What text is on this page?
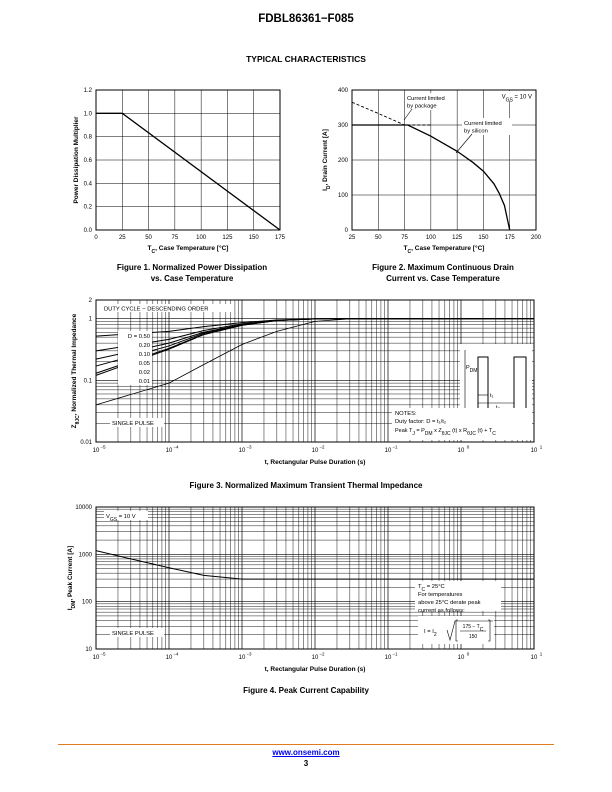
FDBL86361−F085
TYPICAL CHARACTERISTICS
0	25	50	75	100	125	150	175
0.0
0.2
0.4
0.6
0.8
1.0
1.2
$T_C$, Case Temperature [°C]
Power Dissipation Multiplier
25	50	75	100	125	150	175	200
0
100
200
300
400
$V_{GS} = 10$ V
Current limited
by package
Current limited
by silicon
$T_C$, Case Temperature [°C]
$I_D$, Drain Current [A]
10
−5
10
−4
10
−3
10
−2
10
−1
10
0
10
1
0.01
0.1
1
2
DUTY CYCLE − DESCENDING ORDER
D = 0.50
0.20
0.10
0.05
0.02
0.01
SINGLE PULSE
$P_{DM}$
t₁
NOTES:
Duty factor: D = t₁/t₂
Peak $T_J = P_{DM}$ x $Z_{\theta JC}$ (t) x $R_{\theta JC}$ $(t) + T_C$
t, Rectangular Pulse Duration (s)
$Z_{\theta JC}$, Normalized Thermal Impedance
10
−5
10
−4
10
−3
10
−2
10
−1
10
0
10
1
10
100
1000
10000
$V_{GS} = 10$ V
$T_C = 25^\circ C$
For temperatures
above 25°C derate peak
current as follows:
$I = I_2$
$175 - T_C$
150
SINGLE PULSE
t, Rectangular Pulse Duration (s)
$I_{DM}$, Peak Current [A]
Figure 1. Normalized Power Dissipation
vs. Case Temperature
Figure 2. Maximum Continuous Drain
Current vs. Case Temperature
Figure 3. Normalized Maximum Transient Thermal Impedance
Figure 4. Peak Current Capability
www.onsemi.com
3
